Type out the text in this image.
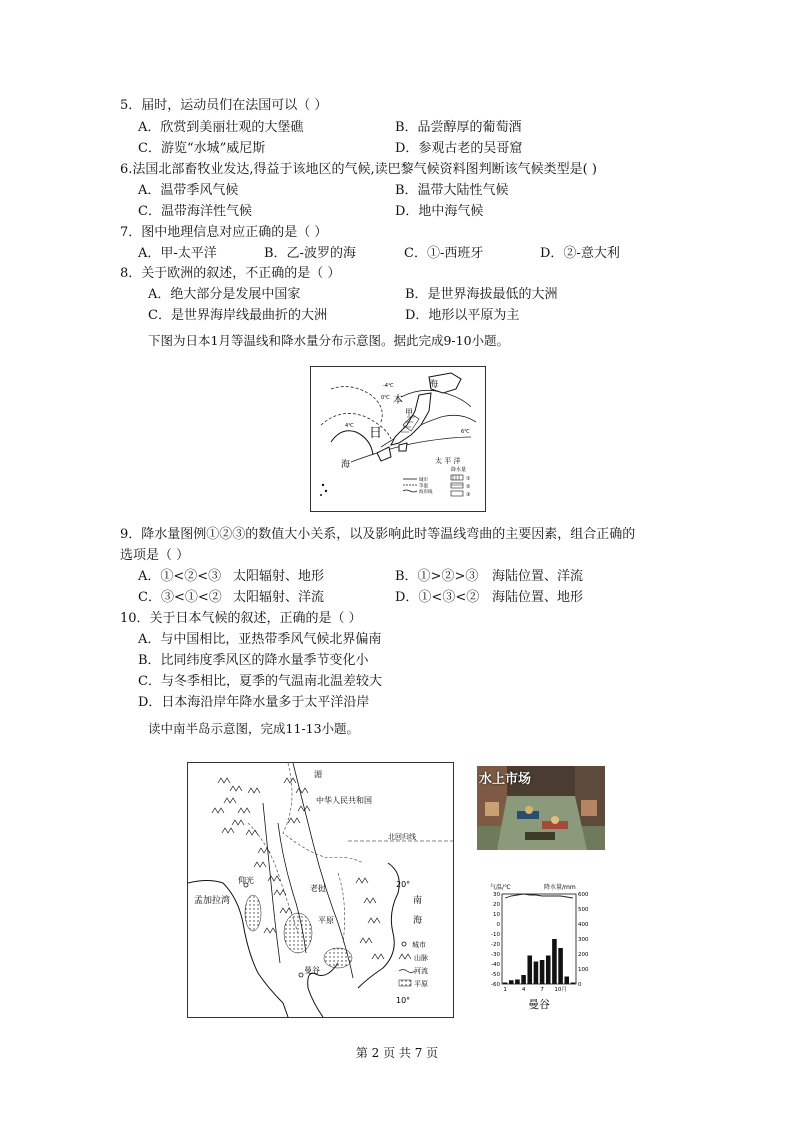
5．届时，运动员们在法国可以（ ）
A．欣赏到美丽壮观的大堡礁	B．品尝醇厚的葡萄酒
C．游览“水城”威尼斯	D．参观古老的吴哥窟
6.法国北部畜牧业发达,得益于该地区的气候,读巴黎气候资料图判断该气候类型是( )
A．温带季风气候	B．温带大陆性气候
C．温带海洋性气候	D．地中海气候
7．图中地理信息对应正确的是（ ）
A．甲-太平洋	B．乙-波罗的海	C．①-西班牙	D．②-意大利
8．关于欧洲的叙述，不正确的是（ ）
A．绝大部分是发展中国家	B．是世界海拔最低的大洲
C．是世界海岸线最曲折的大洲	D．地形以平原为主
下图为日本1月等温线和降水量分布示意图。据此完成9-10小题。
海
本
甲
日
海	太 平 洋
-4℃
0℃
4℃
6℃
降水量
城市
等温
海岸线
①
②
③
9．降水量图例①②③的数值大小关系，以及影响此时等温线弯曲的主要因素，组合正确的
选项是（ ）
A．①<②<③ 太阳辐射、地形	B．①>②>③ 海陆位置、洋流
C．③<①<② 太阳辐射、洋流	D．①<③<② 海陆位置、地形
10．关于日本气候的叙述，正确的是（ ）
A．与中国相比，亚热带季风气候北界偏南
B．比同纬度季风区的降水量季节变化小
C．与冬季相比，夏季的气温南北温差较大
D．日本海沿岸年降水量多于太平洋沿岸
读中南半岛示意图，完成11-13小题。
20°
10°
中华人民共和国
北回归线
孟加拉湾	南
海
湄
曼谷
平原
老挝
仰光
城市
山脉
河流
平原
水上市场
气温/℃	降水量/mm
30
20
10
0
-10
-20
-30
-40
-50
-60
600
500
400
300
200
100
0
1	4	7 10月
曼谷
第 2 页 共 7 页
